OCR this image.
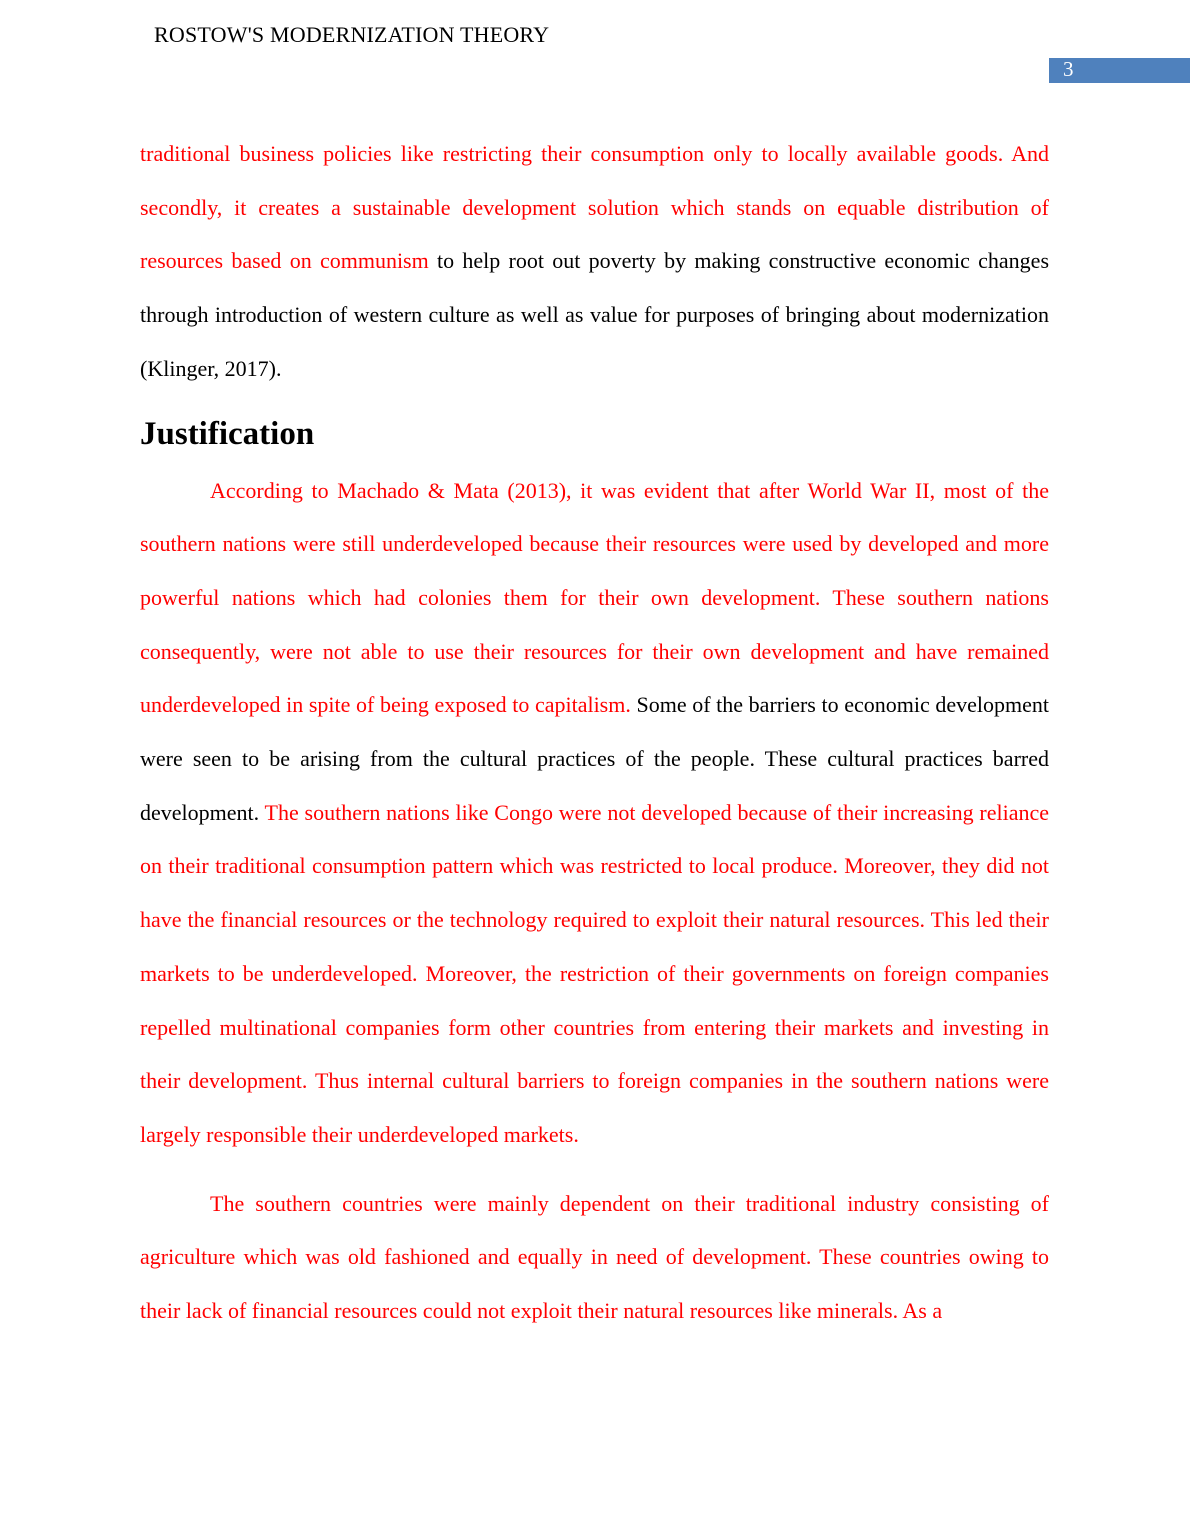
ROSTOW'S MODERNIZATION THEORY
3

traditional business policies like restricting their consumption only to locally available goods. And secondly, it creates a sustainable development solution which stands on equable distribution of resources based on communism to help root out poverty by making constructive economic changes through introduction of western culture as well as value for purposes of bringing about modernization (Klinger, 2017).

Justification

According to Machado & Mata (2013), it was evident that after World War II, most of the southern nations were still underdeveloped because their resources were used by developed and more powerful nations which had colonies them for their own development. These southern nations consequently, were not able to use their resources for their own development and have remained underdeveloped in spite of being exposed to capitalism. Some of the barriers to economic development were seen to be arising from the cultural practices of the people. These cultural practices barred development. The southern nations like Congo were not developed because of their increasing reliance on their traditional consumption pattern which was restricted to local produce. Moreover, they did not have the financial resources or the technology required to exploit their natural resources. This led their markets to be underdeveloped. Moreover, the restriction of their governments on foreign companies repelled multinational companies form other countries from entering their markets and investing in their development. Thus internal cultural barriers to foreign companies in the southern nations were largely responsible their underdeveloped markets.

The southern countries were mainly dependent on their traditional industry consisting of agriculture which was old fashioned and equally in need of development. These countries owing to their lack of financial resources could not exploit their natural resources like minerals. As a
